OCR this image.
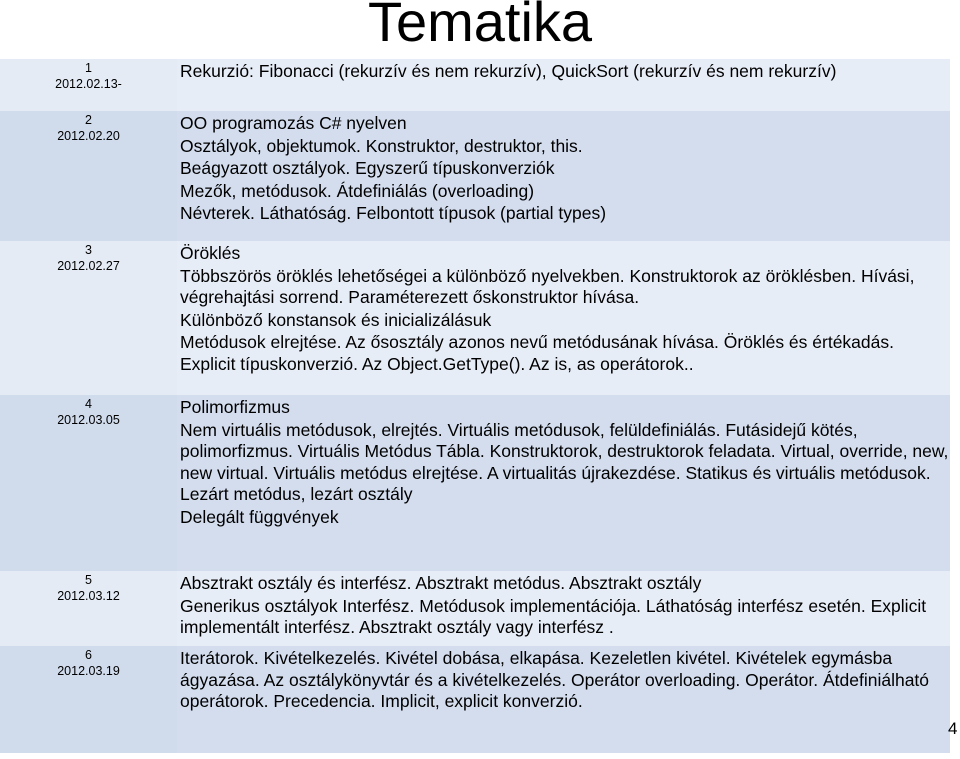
Tematika
1
2012.02.13-

Rekurzió: Fibonacci (rekurzív és nem rekurzív), QuickSort (rekurzív és nem rekurzív)

2
2012.02.20

OO programozás C# nyelven

Osztályok, objektumok. Konstruktor, destruktor, this.

Beágyazott osztályok. Egyszerű típuskonverziók

Mezők, metódusok. Átdefiniálás (overloading)

Névterek. Láthatóság. Felbontott típusok (partial types)

3
2012.02.27

Öröklés

Többszörös öröklés lehetőségei a különböző nyelvekben. Konstruktorok az öröklésben. Hívási, végrehajtási sorrend. Paraméterezett őskonstruktor hívása.

Különböző konstansok és inicializálásuk

Metódusok elrejtése. Az ősosztály azonos nevű metódusának hívása. Öröklés és értékadás. Explicit típuskonverzió. Az Object.GetType(). Az is, as operátorok..

4
2012.03.05

Polimorfizmus

Nem virtuális metódusok, elrejtés. Virtuális metódusok, felüldefiniálás. Futásidejű kötés, polimorfizmus. Virtuális Metódus Tábla. Konstruktorok, destruktorok feladata. Virtual, override, new, new virtual. Virtuális metódus elrejtése. A virtualitás újrakezdése. Statikus és virtuális metódusok. Lezárt metódus, lezárt osztály

Delegált függvények

5
2012.03.12

Absztrakt osztály és interfész. Absztrakt metódus. Absztrakt osztály

Generikus osztályok Interfész. Metódusok implementációja. Láthatóság interfész esetén. Explicit implementált interfész. Absztrakt osztály vagy interfész .

6
2012.03.19

Iterátorok. Kivételkezelés. Kivétel dobása, elkapása. Kezeletlen kivétel. Kivételek egymásba ágyazása. Az osztálykönyvtár és a kivételkezelés. Operátor overloading. Operátor. Átdefiniálható operátorok. Precedencia. Implicit, explicit konverzió.

4
